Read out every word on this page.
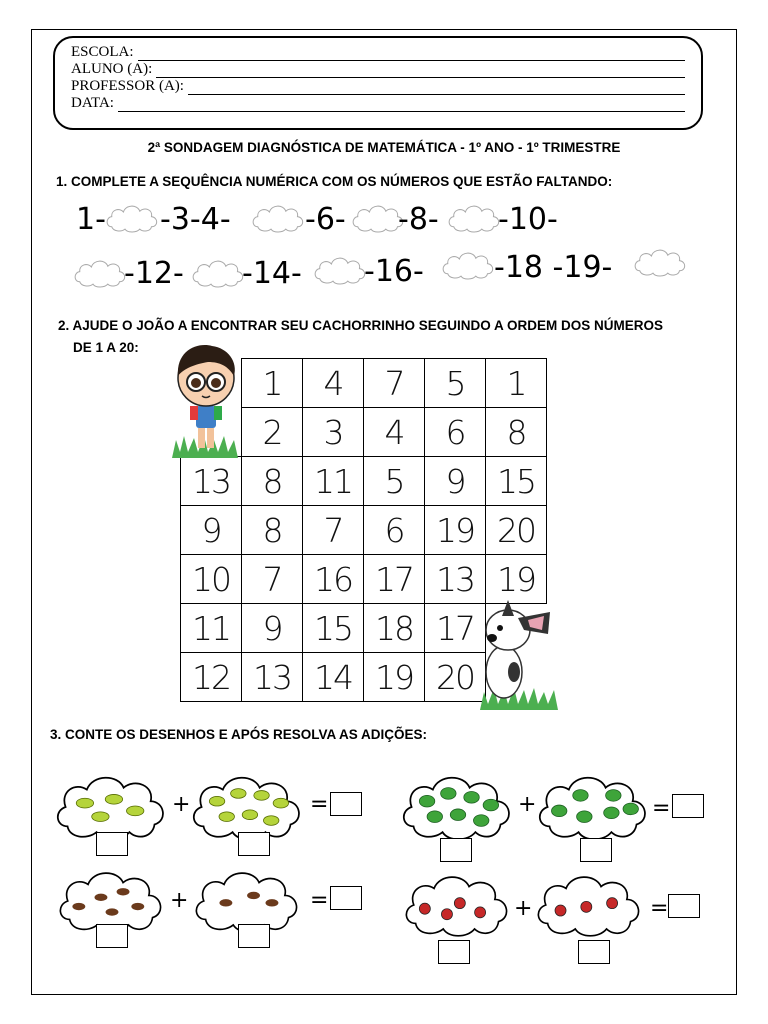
ESCOLA:
ALUNO (A):
PROFESSOR (A):
DATA:
2ª SONDAGEM DIAGNÓSTICA DE MATEMÁTICA - 1º ANO - 1º TRIMESTRE
1. COMPLETE A SEQUÊNCIA NUMÉRICA COM OS NÚMEROS QUE ESTÃO FALTANDO:
1- -3-4- -6- -8- -10-
-12- -14- -16- -18 -19-
2. AJUDE O JOÃO A ENCONTRAR SEU CACHORRINHO SEGUINDO A ORDEM DOS NÚMEROS
DE 1 A 20:
	1	4	7	5	1
	2	3	4	6	8
13	8	11	5	9	15
9	8	7	6	19	20
10	7	16	17	13	19
11	9	15	18	17	
12	13	14	19	20	
3. CONTE OS DESENHOS E APÓS RESOLVA AS ADIÇÕES:
+	=	+	=
+	=	+	=
